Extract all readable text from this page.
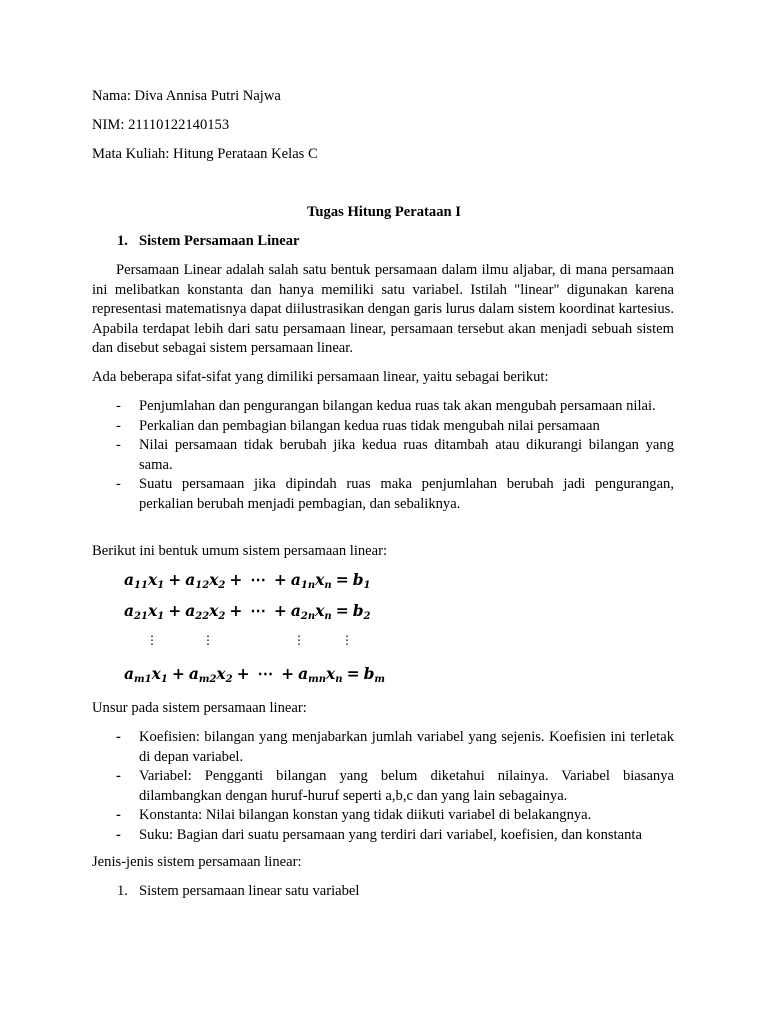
Nama: Diva Annisa Putri Najwa
NIM: 21110122140153
Mata Kuliah: Hitung Perataan Kelas C
Tugas Hitung Perataan I
1. Sistem Persamaan Linear
Persamaan Linear adalah salah satu bentuk persamaan dalam ilmu aljabar, di mana persamaan ini melibatkan konstanta dan hanya memiliki satu variabel. Istilah "linear" digunakan karena representasi matematisnya dapat diilustrasikan dengan garis lurus dalam sistem koordinat kartesius. Apabila terdapat lebih dari satu persamaan linear, persamaan tersebut akan menjadi sebuah sistem dan disebut sebagai sistem persamaan linear.
Ada beberapa sifat-sifat yang dimiliki persamaan linear, yaitu sebagai berikut:
- Penjumlahan dan pengurangan bilangan kedua ruas tak akan mengubah persamaan nilai.
- Perkalian dan pembagian bilangan kedua ruas tidak mengubah nilai persamaan
- Nilai persamaan tidak berubah jika kedua ruas ditambah atau dikurangi bilangan yang sama.
- Suatu persamaan jika dipindah ruas maka penjumlahan berubah jadi pengurangan, perkalian berubah menjadi pembagian, dan sebaliknya.
Berikut ini bentuk umum sistem persamaan linear:
$a_{11}x_1 + a_{12}x_2$ + ⋯ + $a_{1n}x_n = b_1$
$a_{21}x_1 + a_{22}x_2$ + ⋯ + $a_{2n}x_n = b_2$
⋮	⋮	⋮	⋮
$a_{m1}x_1 + a_{m2}x_2$ + ⋯ + $a_{mn}x_n = b_m$
Unsur pada sistem persamaan linear:
- Koefisien: bilangan yang menjabarkan jumlah variabel yang sejenis. Koefisien ini terletak di depan variabel.
- Variabel: Pengganti bilangan yang belum diketahui nilainya. Variabel biasanya dilambangkan dengan huruf-huruf seperti a,b,c dan yang lain sebagainya.
- Konstanta: Nilai bilangan konstan yang tidak diikuti variabel di belakangnya.
- Suku: Bagian dari suatu persamaan yang terdiri dari variabel, koefisien, dan konstanta
Jenis-jenis sistem persamaan linear:
1. Sistem persamaan linear satu variabel
